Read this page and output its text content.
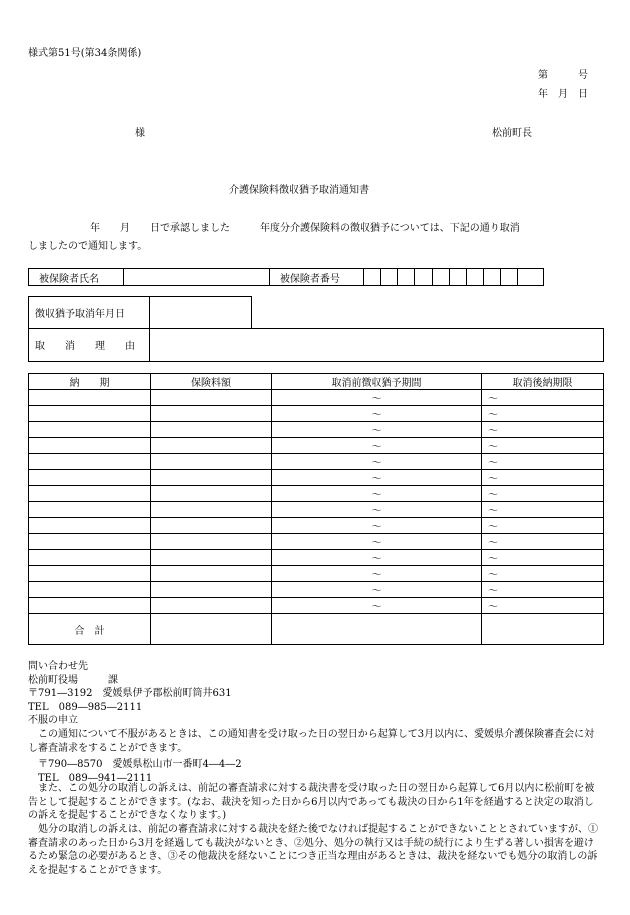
様式第51号(第34条関係)
第　　　号
年　月　日
様	松前町長
介護保険料徴収猶予取消通知書
年　　月　　日で承認しました　　　年度分介護保険料の徴収猶予については、下記の通り取消
しましたので通知します。
被保険者氏名		被保険者番号										
徴収猶予取消年月日	
取　　消　　理　　由	
納　　期	保険料額	取消前徴収猶予期間	取消後納期限
		～	～
		～	～
		～	～
		～	～
		～	～
		～	～
		～	～
		～	～
		～	～
		～	～
		～	～
		～	～
		～	～
		～	～
合　計			
問い合わせ先
松前町役場　　　課
〒791―3192　愛媛県伊予郡松前町筒井631
TEL　089―985―2111
不服の申立
　この通知について不服があるときは、この通知書を受け取った日の翌日から起算して3月以内に、愛媛県介護保険審査会に対し審査請求をすることができます。
〒790―8570　愛媛県松山市一番町4―4―2
TEL　089―941―2111
　また、この処分の取消しの訴えは、前記の審査請求に対する裁決書を受け取った日の翌日から起算して6月以内に松前町を被告として提起することができます。(なお、裁決を知った日から6月以内であっても裁決の日から1年を経過すると決定の取消しの訴えを提起することができなくなります。)
　処分の取消しの訴えは、前記の審査請求に対する裁決を経た後でなければ提起することができないこととされていますが、①審査請求のあった日から3月を経過しても裁決がないとき、②処分、処分の執行又は手続の続行により生ずる著しい損害を避けるため緊急の必要があるとき、③その他裁決を経ないことにつき正当な理由があるときは、裁決を経ないでも処分の取消しの訴えを提起することができます。
